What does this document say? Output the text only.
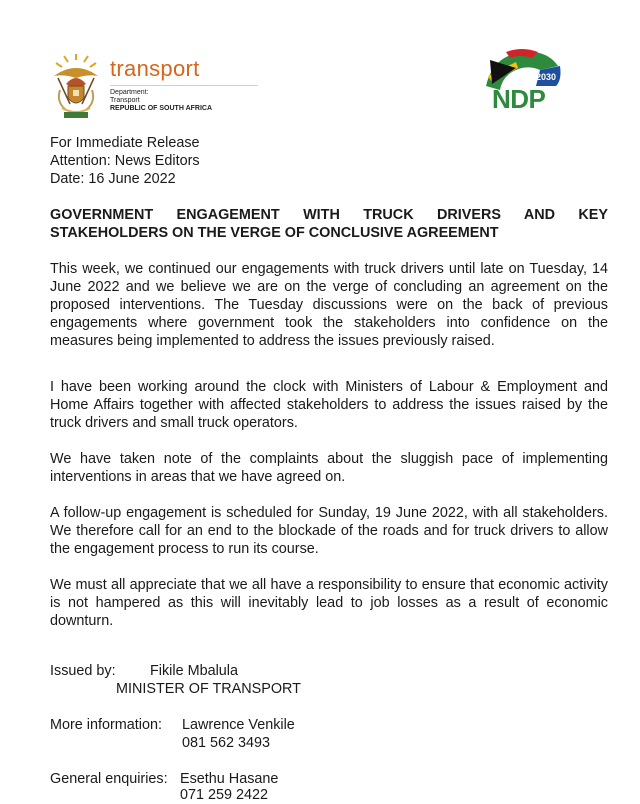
transport
Department:
Transport
REPUBLIC OF SOUTH AFRICA
2030
NDP
For Immediate Release
Attention: News Editors
Date: 16 June 2022
GOVERNMENT ENGAGEMENT WITH TRUCK DRIVERS AND KEY STAKEHOLDERS ON THE VERGE OF CONCLUSIVE AGREEMENT
This week, we continued our engagements with truck drivers until late on Tuesday, 14 June 2022 and we believe we are on the verge of concluding an agreement on the proposed interventions. The Tuesday discussions were on the back of previous engagements where government took the stakeholders into confidence on the measures being implemented to address the issues previously raised.
I have been working around the clock with Ministers of Labour & Employment and Home Affairs together with affected stakeholders to address the issues raised by the truck drivers and small truck operators.
We have taken note of the complaints about the sluggish pace of implementing interventions in areas that we have agreed on.
A follow-up engagement is scheduled for Sunday, 19 June 2022, with all stakeholders. We therefore call for an end to the blockade of the roads and for truck drivers to allow the engagement process to run its course.
We must all appreciate that we all have a responsibility to ensure that economic activity is not hampered as this will inevitably lead to job losses as a result of economic downturn.
Issued by: Fikile Mbalula
MINISTER OF TRANSPORT
More information: Lawrence Venkile
081 562 3493
General enquiries: Esethu Hasane
071 259 2422
